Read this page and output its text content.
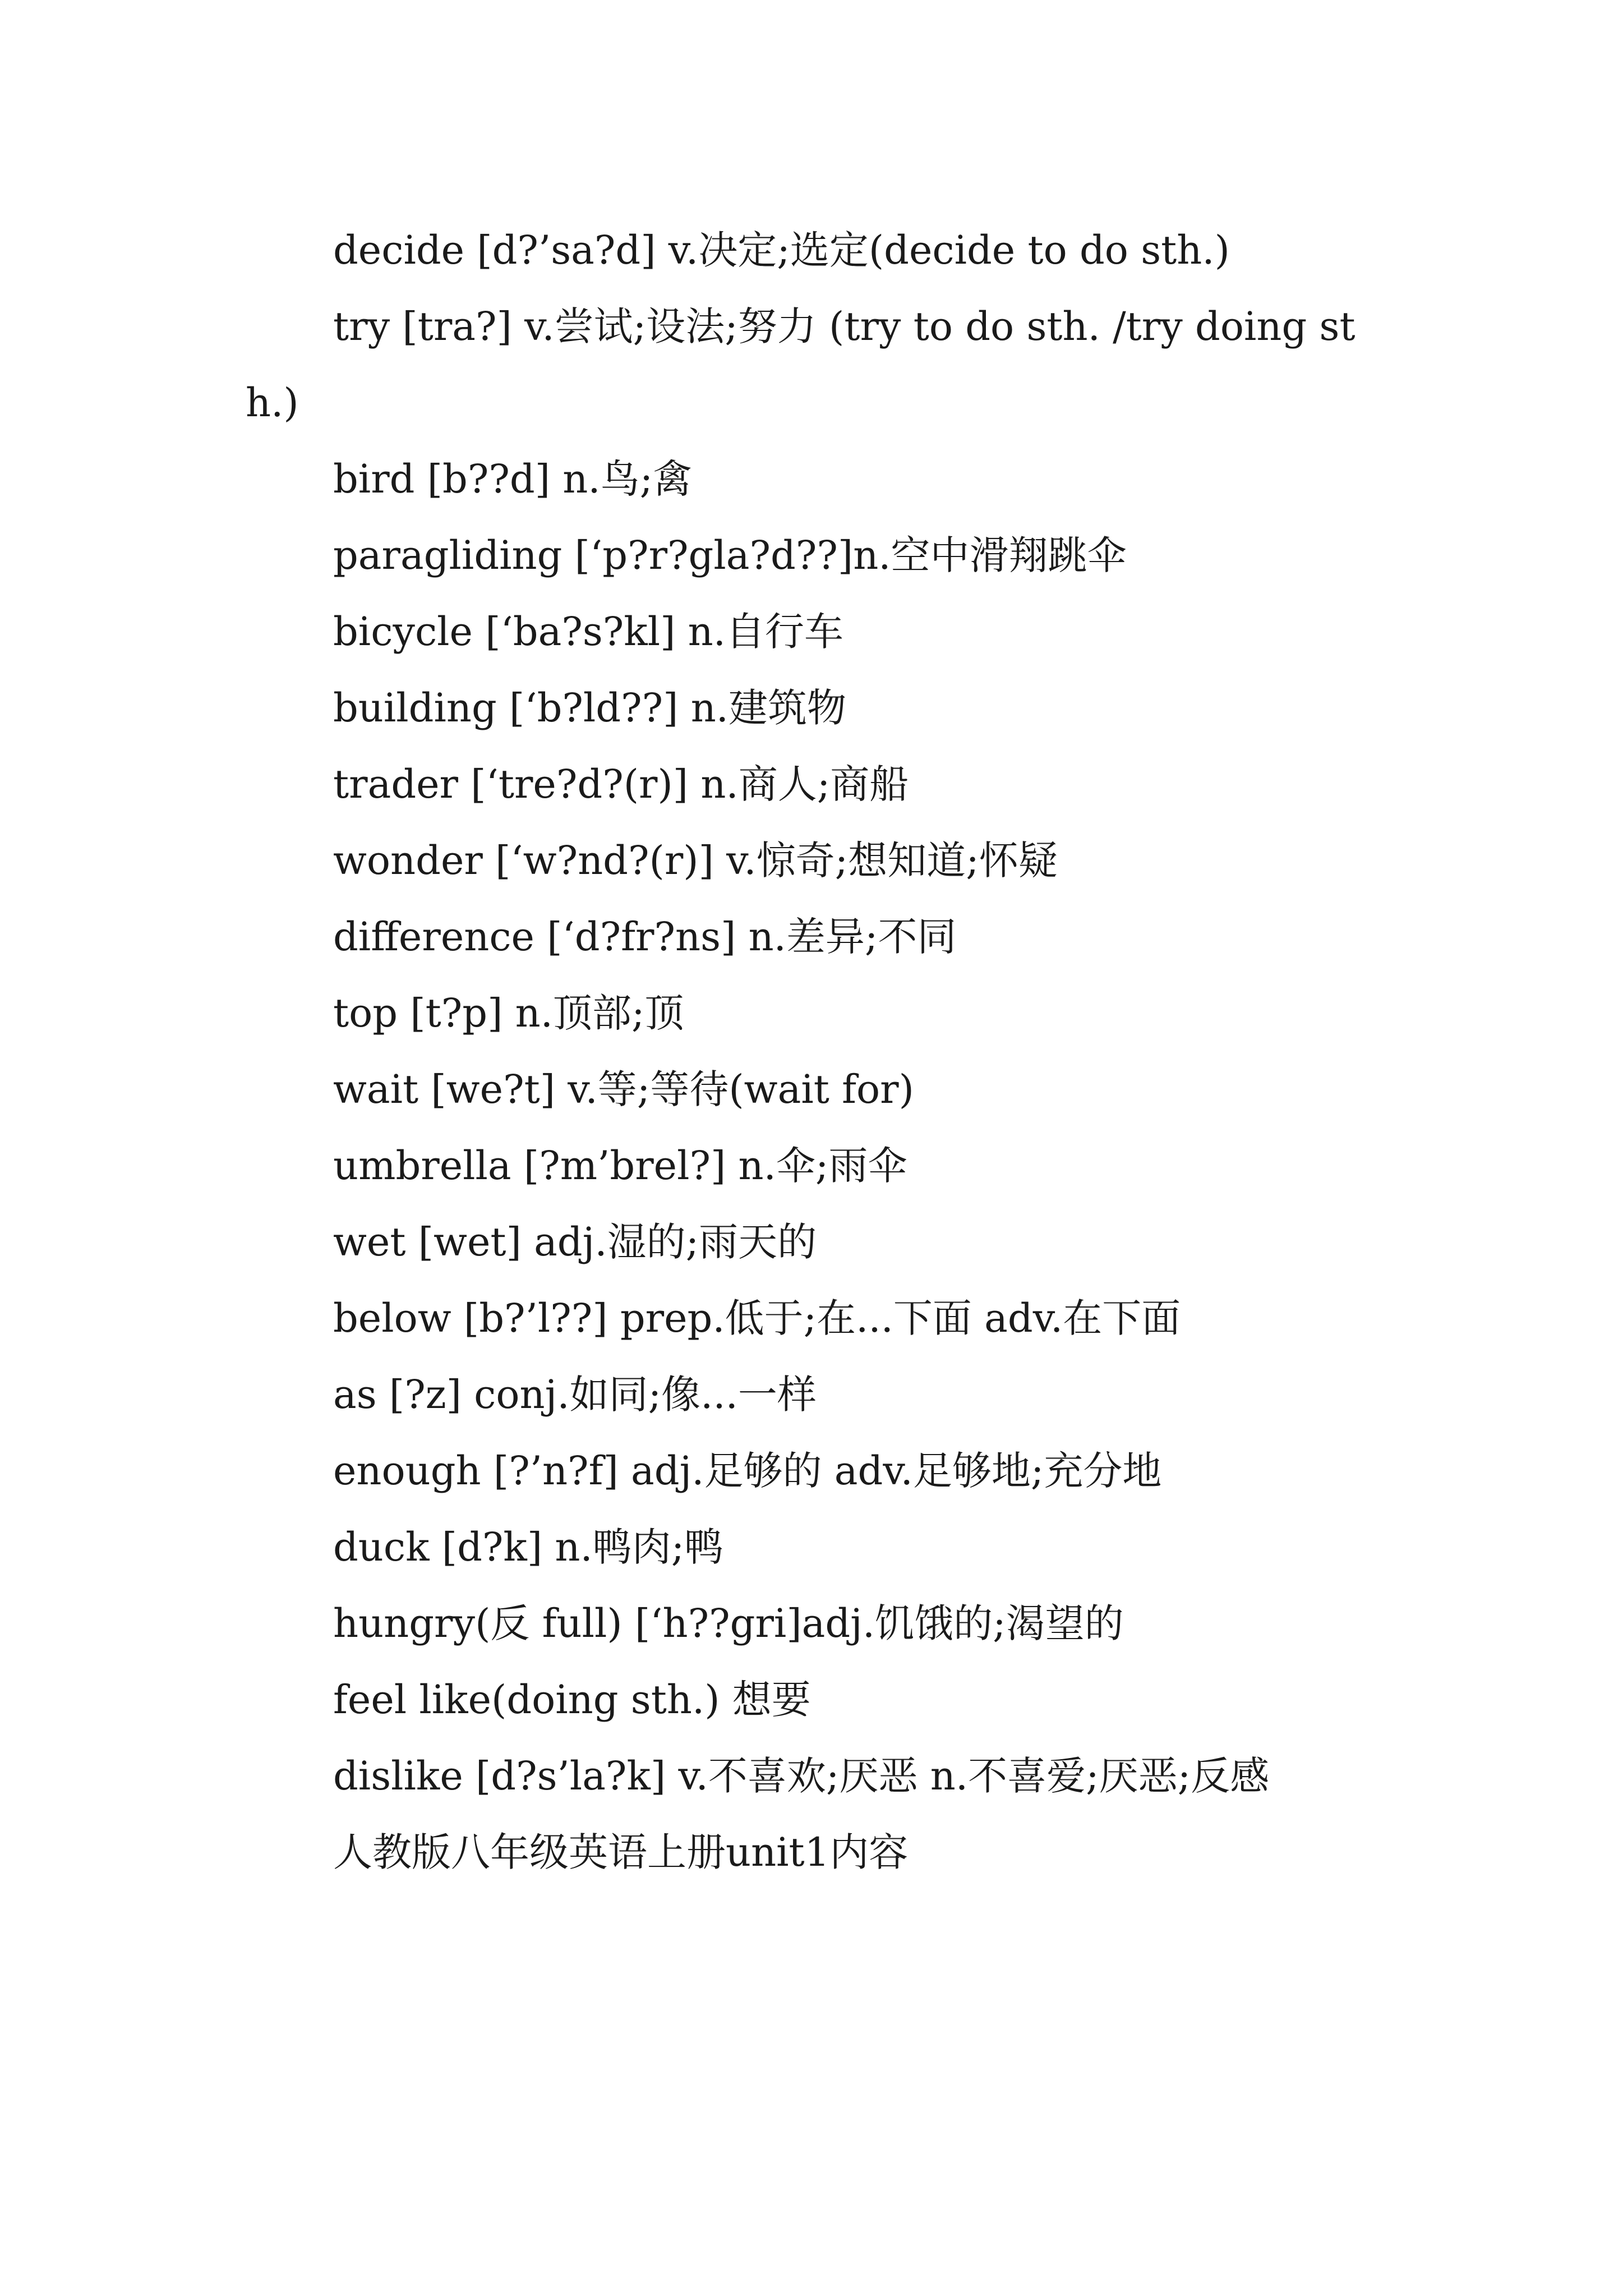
decide [d?’sa?d] v.决定;选定(decide to do sth.)

try [tra?] v.尝试;设法;努力 (try to do sth. /try doing sth.)

bird [b??d] n.鸟;禽

paragliding [‘p?r?gla?d??]n.空中滑翔跳伞

bicycle [‘ba?s?kl] n.自行车

building [‘b?ld??] n.建筑物

trader [‘tre?d?(r)] n.商人;商船

wonder [‘w?nd?(r)] v.惊奇;想知道;怀疑

difference [‘d?fr?ns] n.差异;不同

top [t?p] n.顶部;顶

wait [we?t] v.等;等待(wait for)

umbrella [?m’brel?] n.伞;雨伞

wet [wet] adj.湿的;雨天的

below [b?’l??] prep.低于;在...下面 adv.在下面

as [?z] conj.如同;像...一样

enough [?’n?f] adj.足够的 adv.足够地;充分地

duck [d?k] n.鸭肉;鸭

hungry(反 full) [‘h??gri]adj.饥饿的;渴望的

feel like(doing sth.) 想要

dislike [d?s’la?k] v.不喜欢;厌恶 n.不喜爱;厌恶;反感

人教版八年级英语上册unit1内容
